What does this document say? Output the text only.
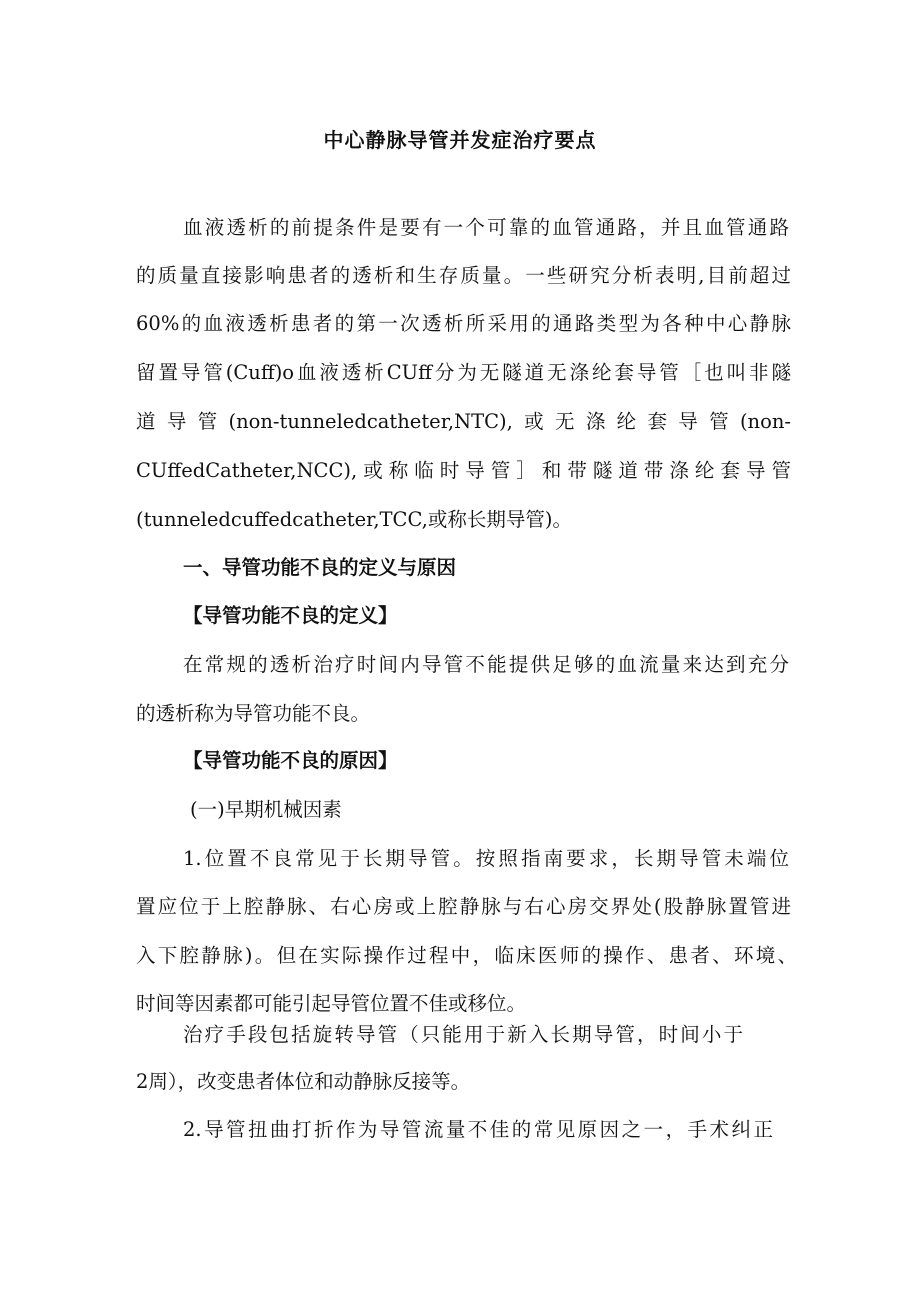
中心静脉导管并发症治疗要点

血液透析的前提条件是要有一个可靠的血管通路，并且血管通路

的质量直接影响患者的透析和生存质量。一些研究分析表明,目前超过

60%的血液透析患者的第一次透析所采用的通路类型为各种中心静脉

留置导管(Cuff)o血液透析CUff分为无隧道无涤纶套导管［也叫非隧

道导管(non-tunneledcatheter,NTC),或无涤纶套导管(non-

CUffedCatheter,NCC),或称临时导管］和带隧道带涤纶套导管

(tunneledcuffedcatheter,TCC,或称长期导管)。

一、导管功能不良的定义与原因

【导管功能不良的定义】

在常规的透析治疗时间内导管不能提供足够的血流量来达到充分

的透析称为导管功能不良。

【导管功能不良的原因】

(一)早期机械因素

1.位置不良常见于长期导管。按照指南要求，长期导管未端位

置应位于上腔静脉、右心房或上腔静脉与右心房交界处(股静脉置管进

入下腔静脉)。但在实际操作过程中，临床医师的操作、患者、环境、

时间等因素都可能引起导管位置不佳或移位。

治疗手段包括旋转导管（只能用于新入长期导管，时间小于

2周），改变患者体位和动静脉反接等。

2.导管扭曲打折作为导管流量不佳的常见原因之一，手术纠正
